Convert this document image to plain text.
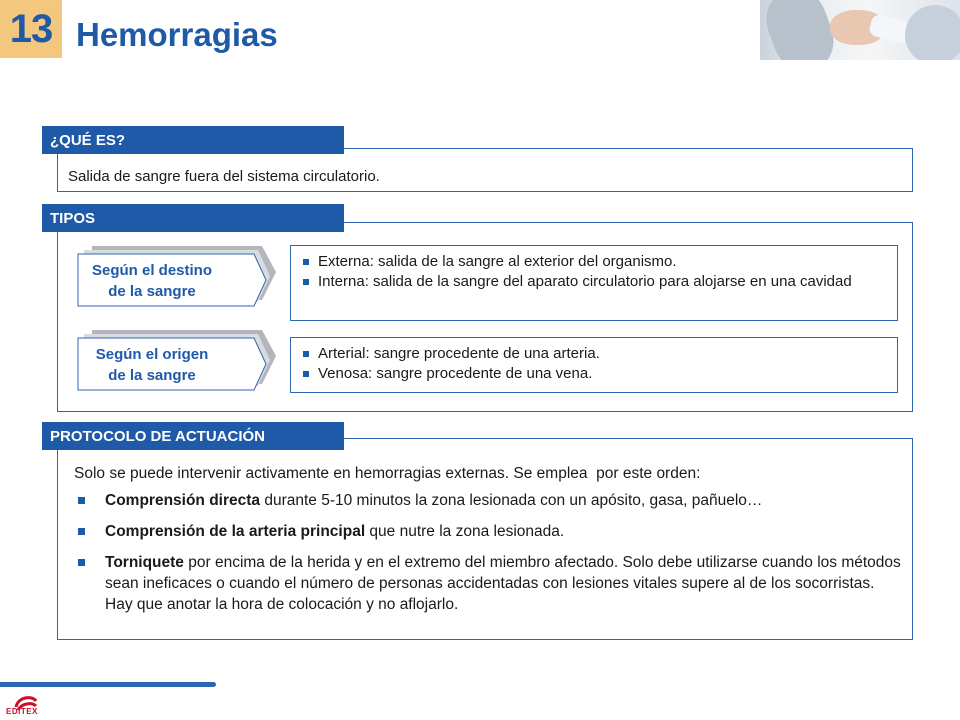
13 Hemorragias
Salida de sangre fuera del sistema circulatorio.
¿QUÉ ES?
TIPOS
Según el destino
de la sangre
Externa: salida de la sangre al exterior del organismo.
Interna: salida de la sangre del aparato circulatorio para alojarse en una cavidad
Según el origen
de la sangre
Arterial: sangre procedente de una arteria.
Venosa: sangre procedente de una vena.
Solo se puede intervenir activamente en hemorragias externas. Se emplea  por este orden:
Comprensión directa durante 5-10 minutos la zona lesionada con un apósito, gasa, pañuelo…
Comprensión de la arteria principal que nutre la zona lesionada.
Torniquete por encima de la herida y en el extremo del miembro afectado. Solo debe utilizarse cuando los métodos sean ineficaces o cuando el número de personas accidentadas con lesiones vitales supere al de los socorristas. Hay que anotar la hora de colocación y no aflojarlo.
PROTOCOLO DE ACTUACIÓN
EDITEX
